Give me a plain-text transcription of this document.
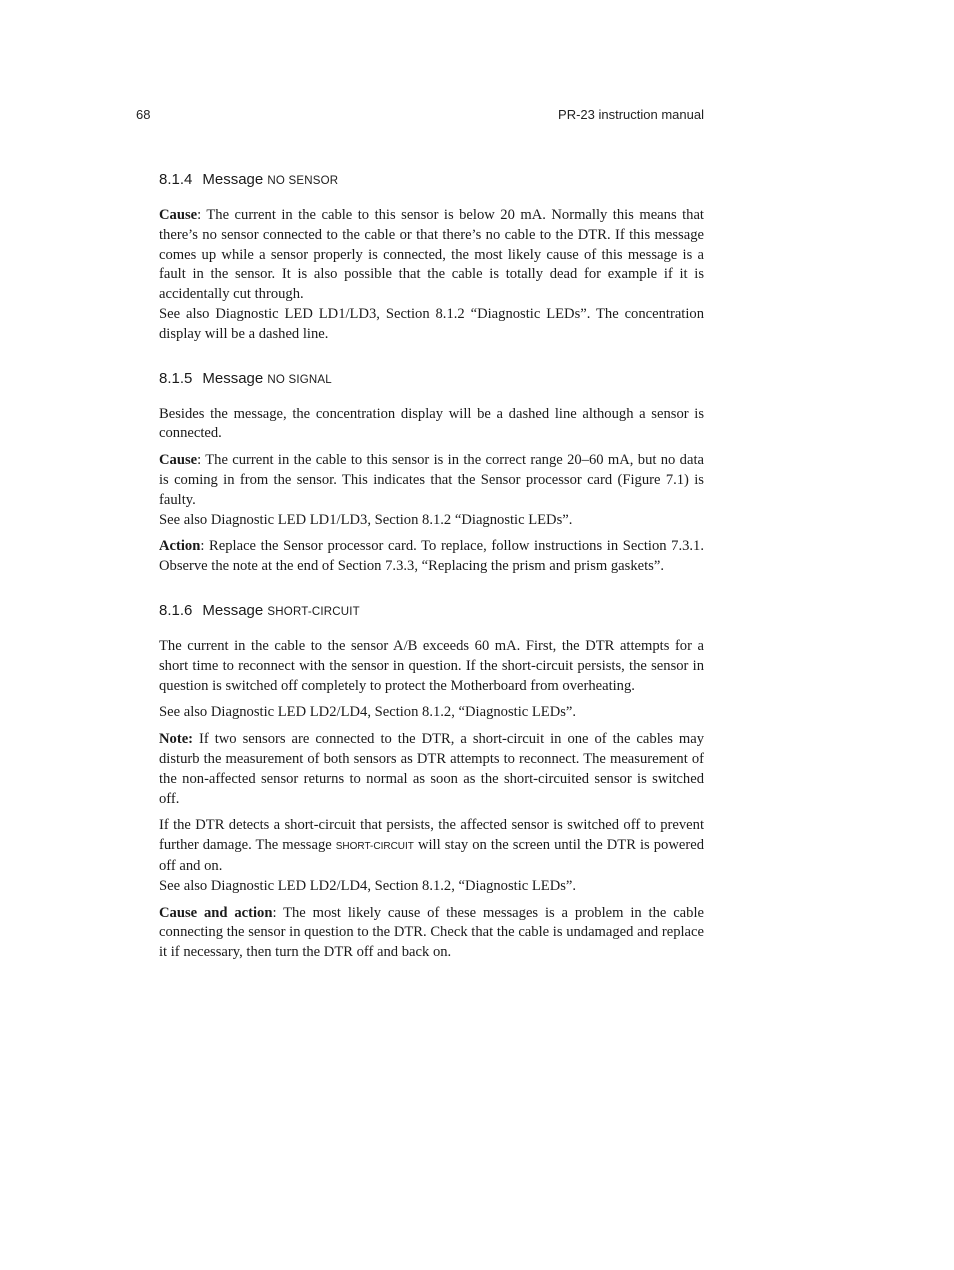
68	PR-23 instruction manual
8.1.4 Message NO SENSOR

Cause: The current in the cable to this sensor is below 20 mA. Normally this means that there’s no sensor connected to the cable or that there’s no cable to the DTR. If this message comes up while a sensor properly is connected, the most likely cause of this message is a fault in the sensor. It is also possible that the cable is totally dead for example if it is accidentally cut through.

See also Diagnostic LED LD1/LD3, Section 8.1.2 “Diagnostic LEDs”. The concentration display will be a dashed line.

8.1.5 Message NO SIGNAL

Besides the message, the concentration display will be a dashed line although a sensor is connected.

Cause: The current in the cable to this sensor is in the correct range 20–60 mA, but no data is coming in from the sensor. This indicates that the Sensor processor card (Figure 7.1) is faulty.

See also Diagnostic LED LD1/LD3, Section 8.1.2 “Diagnostic LEDs”.

Action: Replace the Sensor processor card. To replace, follow instructions in Section 7.3.1. Observe the note at the end of Section 7.3.3, “Replacing the prism and prism gaskets”.

8.1.6 Message SHORT-CIRCUIT

The current in the cable to the sensor A/B exceeds 60 mA. First, the DTR attempts for a short time to reconnect with the sensor in question. If the short-circuit persists, the sensor in question is switched off completely to protect the Motherboard from overheating.

See also Diagnostic LED LD2/LD4, Section 8.1.2, “Diagnostic LEDs”.

Note: If two sensors are connected to the DTR, a short-circuit in one of the cables may disturb the measurement of both sensors as DTR attempts to reconnect. The measurement of the non-affected sensor returns to normal as soon as the short-circuited sensor is switched off.

If the DTR detects a short-circuit that persists, the affected sensor is switched off to prevent further damage. The message SHORT-CIRCUIT will stay on the screen until the DTR is powered off and on.

See also Diagnostic LED LD2/LD4, Section 8.1.2, “Diagnostic LEDs”.

Cause and action: The most likely cause of these messages is a problem in the cable connecting the sensor in question to the DTR. Check that the cable is undamaged and replace it if necessary, then turn the DTR off and back on.
